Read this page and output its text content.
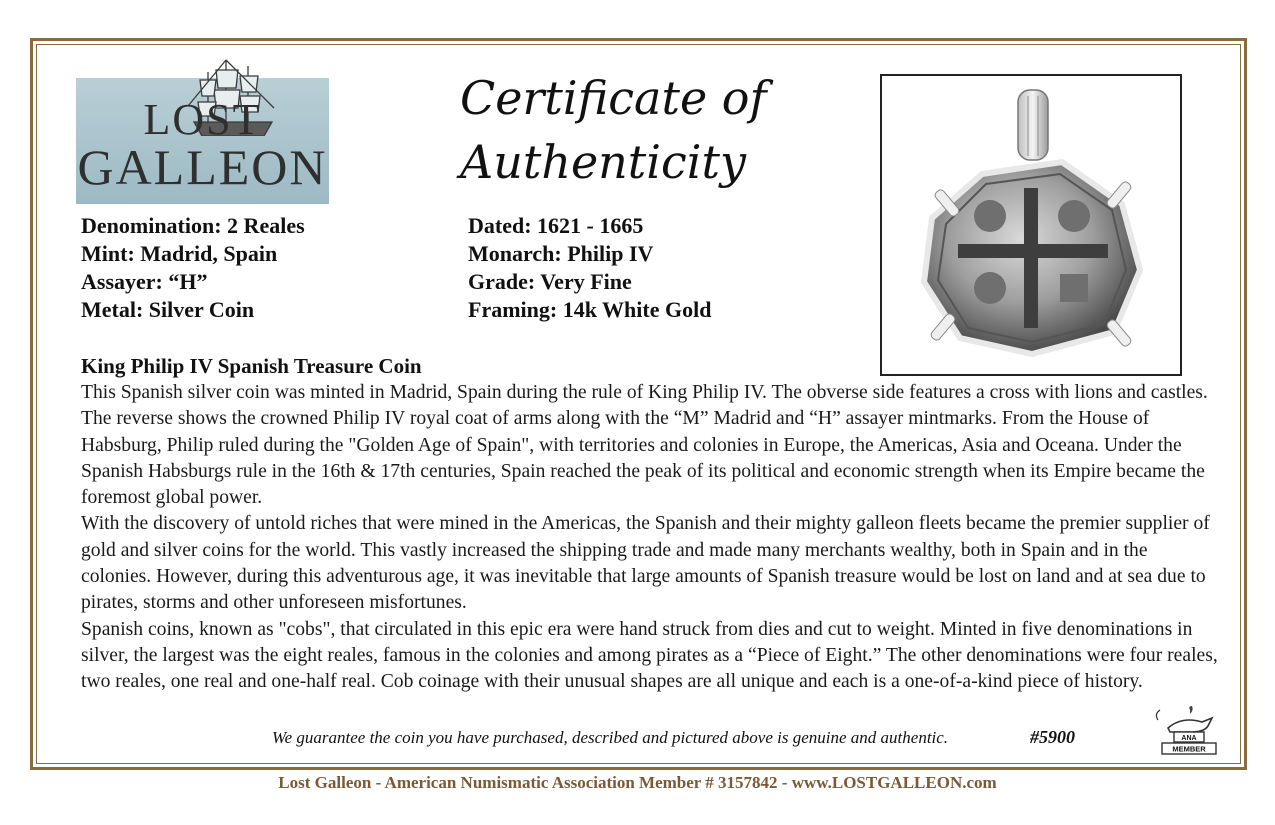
LOST
GALLEON
Certificate of
Authenticity
Denomination: 2 Reales
Mint: Madrid, Spain
Assayer: “H”
Metal: Silver Coin
Dated: 1621 - 1665
Monarch: Philip IV
Grade: Very Fine
Framing: 14k White Gold
King Philip IV Spanish Treasure Coin

This Spanish silver coin was minted in Madrid, Spain during the rule of King Philip IV. The obverse side features a cross with lions and castles. The reverse shows the crowned Philip IV royal coat of arms along with the “M” Madrid and “H” assayer mintmarks. From the House of Habsburg, Philip ruled during the "Golden Age of Spain", with territories and colonies in Europe, the Americas, Asia and Oceana. Under the Spanish Habsburgs rule in the 16th & 17th centuries, Spain reached the peak of its political and economic strength when its Empire became the foremost global power.

With the discovery of untold riches that were mined in the Americas, the Spanish and their mighty galleon fleets became the premier supplier of gold and silver coins for the world. This vastly increased the shipping trade and made many merchants wealthy, both in Spain and in the colonies. However, during this adventurous age, it was inevitable that large amounts of Spanish treasure would be lost on land and at sea due to pirates, storms and other unforeseen misfortunes.

Spanish coins, known as "cobs", that circulated in this epic era were hand struck from dies and cut to weight. Minted in five denominations in silver, the largest was the eight reales, famous in the colonies and among pirates as a “Piece of Eight.” The other denominations were four reales, two reales, one real and one-half real. Cob coinage with their unusual shapes are all unique and each is a one-of-a-kind piece of history.

We guarantee the coin you have purchased, described and pictured above is genuine and authentic.	#5900	ANA
MEMBER
Lost Galleon - American Numismatic Association Member # 3157842 - www.LOSTGALLEON.com
